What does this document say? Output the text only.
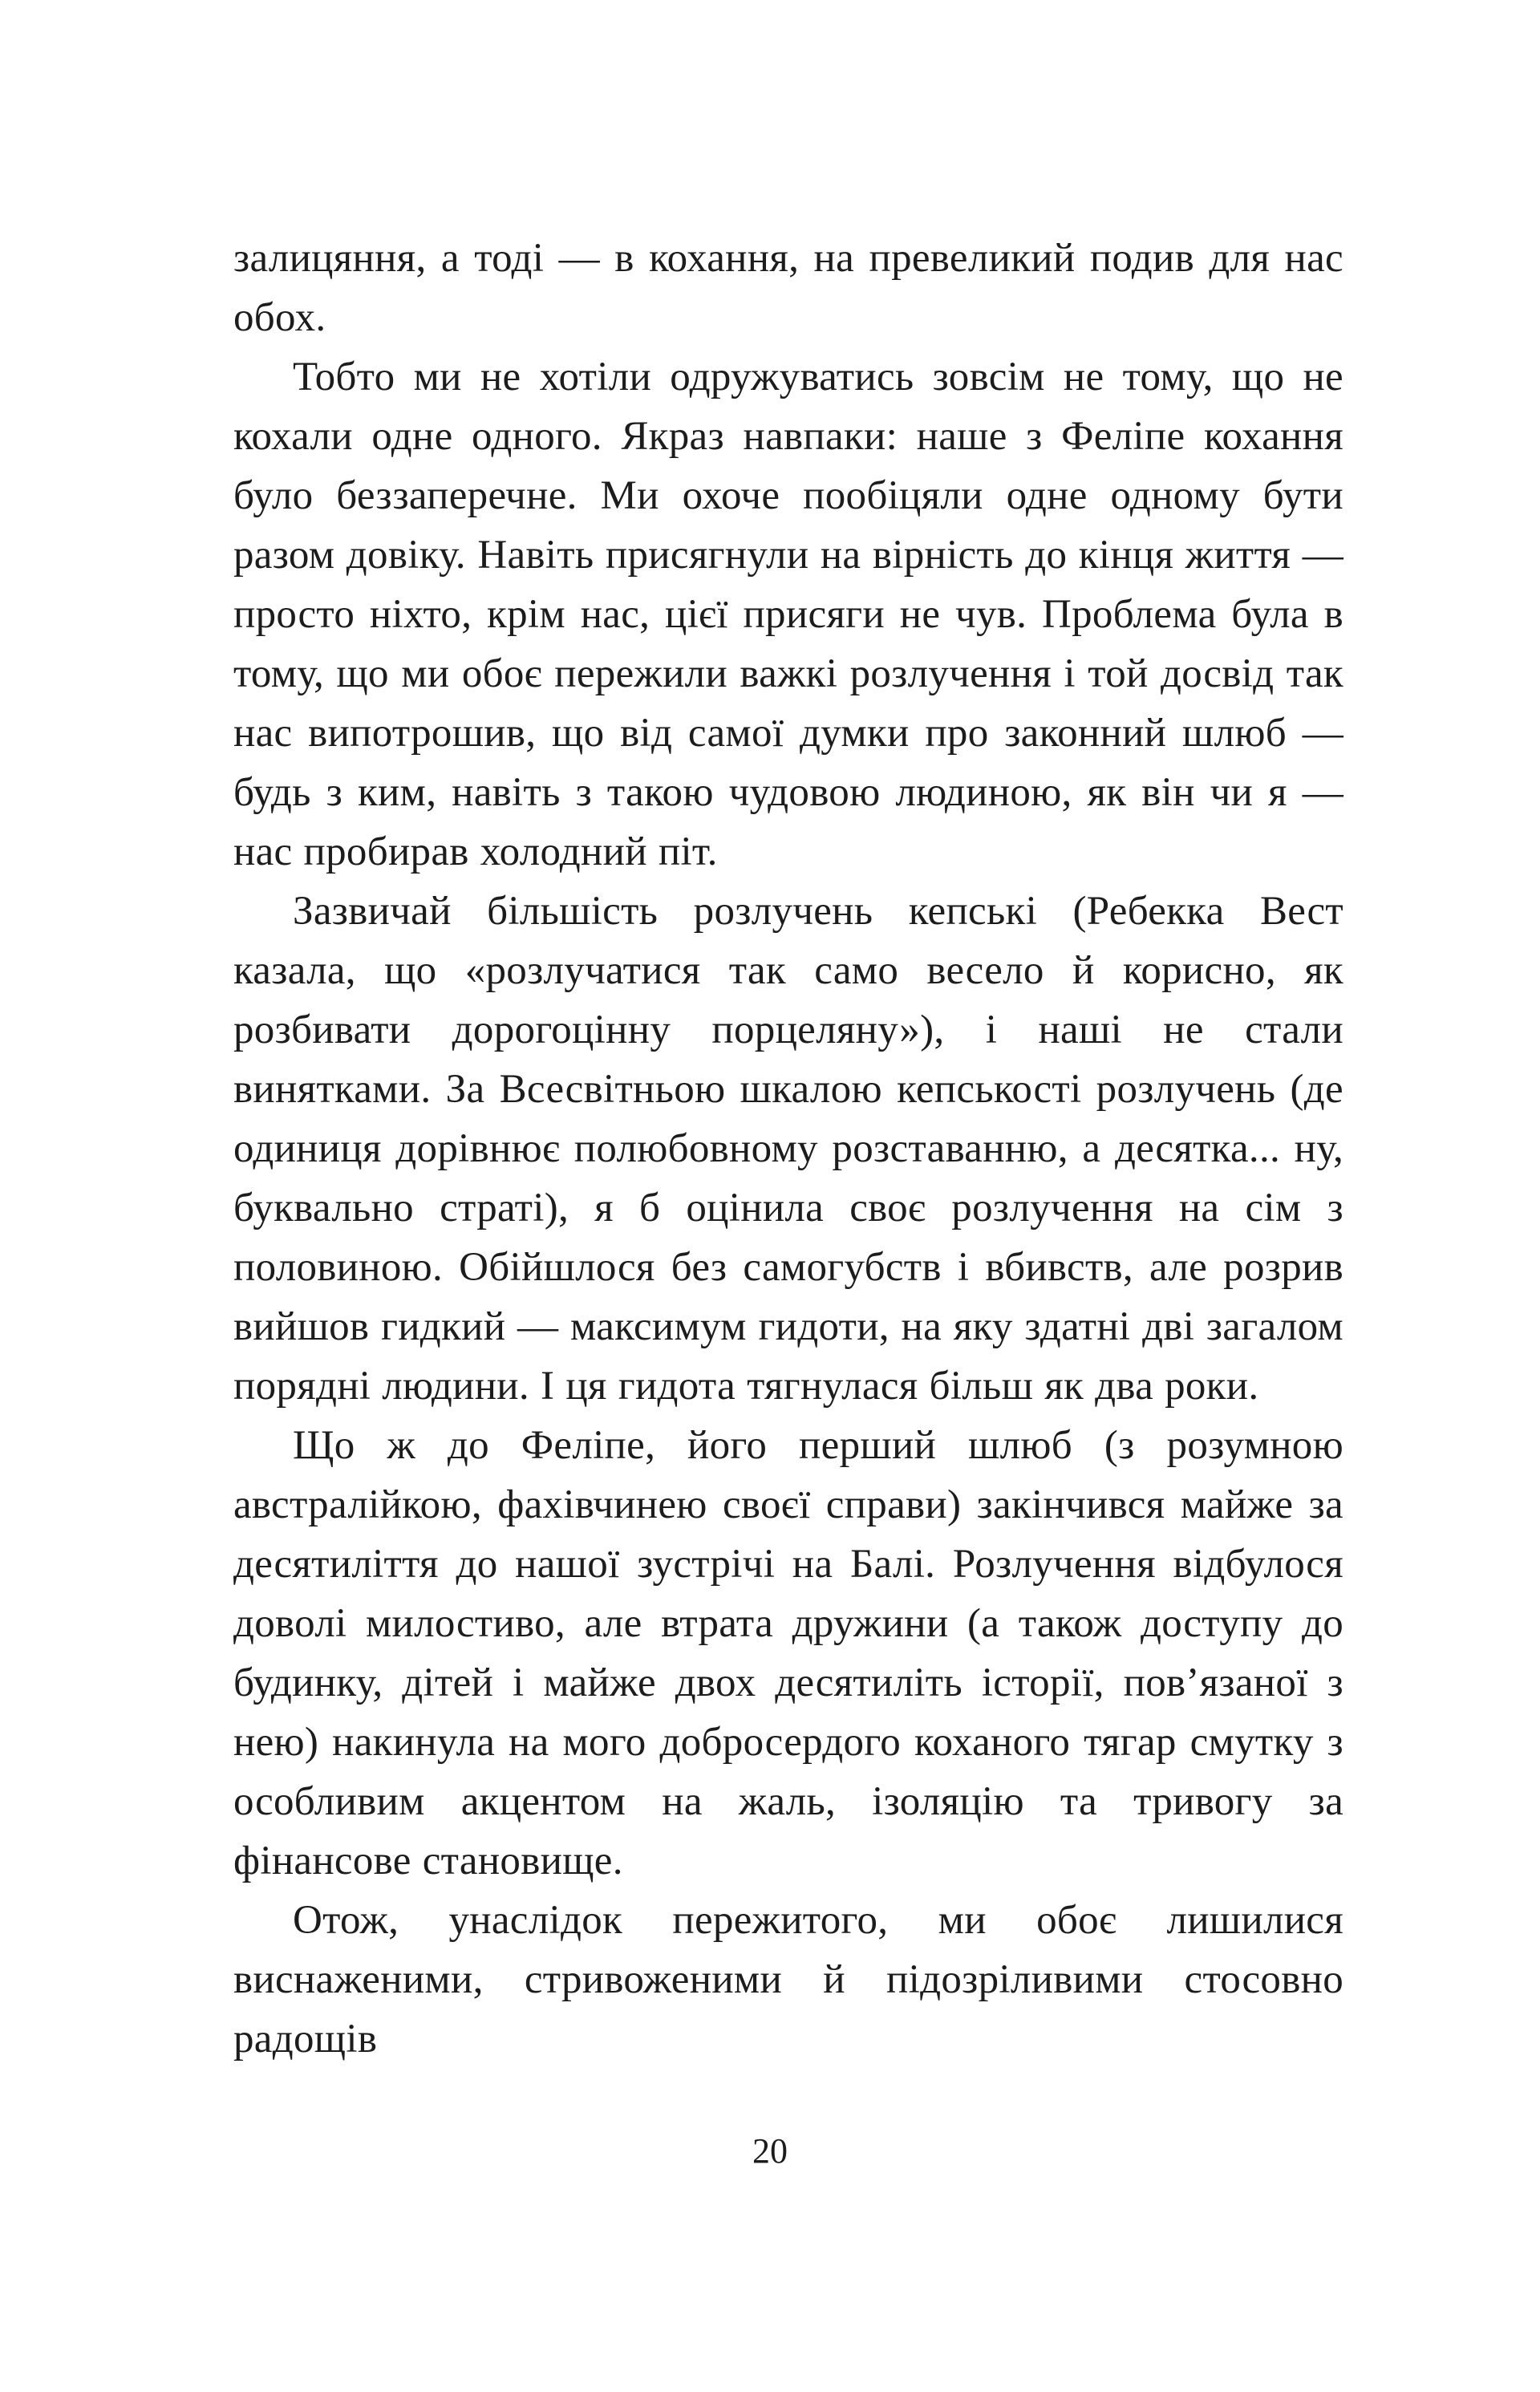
залицяння, а тоді — в кохання, на превеликий подив для нас обох.

Тобто ми не хотіли одружуватись зовсім не тому, що не кохали одне одного. Якраз навпаки: наше з Феліпе кохання було беззаперечне. Ми охоче пообіцяли одне одному бути разом довіку. Навіть присягнули на вірність до кінця життя — просто ніхто, крім нас, цієї присяги не чув. Проблема була в тому, що ми обоє пережили важкі розлучення і той досвід так нас випотрошив, що від самої думки про законний шлюб — будь з ким, навіть з такою чудовою людиною, як він чи я — нас пробирав холодний піт.

Зазвичай більшість розлучень кепські (Ребекка Вест казала, що «розлучатися так само весело й корисно, як розбивати дорогоцінну порцеляну»), і наші не стали винятками. За Всесвітньою шкалою кепськості розлучень (де одиниця дорівнює полюбовному розставанню, а десятка... ну, буквально страті), я б оцінила своє розлучення на сім з половиною. Обійшлося без самогубств і вбивств, але розрив вийшов гидкий — максимум гидоти, на яку здатні дві загалом порядні людини. І ця гидота тягнулася більш як два роки.

Що ж до Феліпе, його перший шлюб (з розумною австралійкою, фахівчинею своєї справи) закінчився майже за десятиліття до нашої зустрічі на Балі. Розлучення відбулося доволі милостиво, але втрата дружини (а також доступу до будинку, дітей і майже двох десятиліть історії, пов’язаної з нею) накинула на мого добросердого коханого тягар смутку з особливим акцентом на жаль, ізоляцію та тривогу за фінансове становище.

Отож, унаслідок пережитого, ми обоє лишилися виснаженими, стривоженими й підозріливими стосовно радощів

20
